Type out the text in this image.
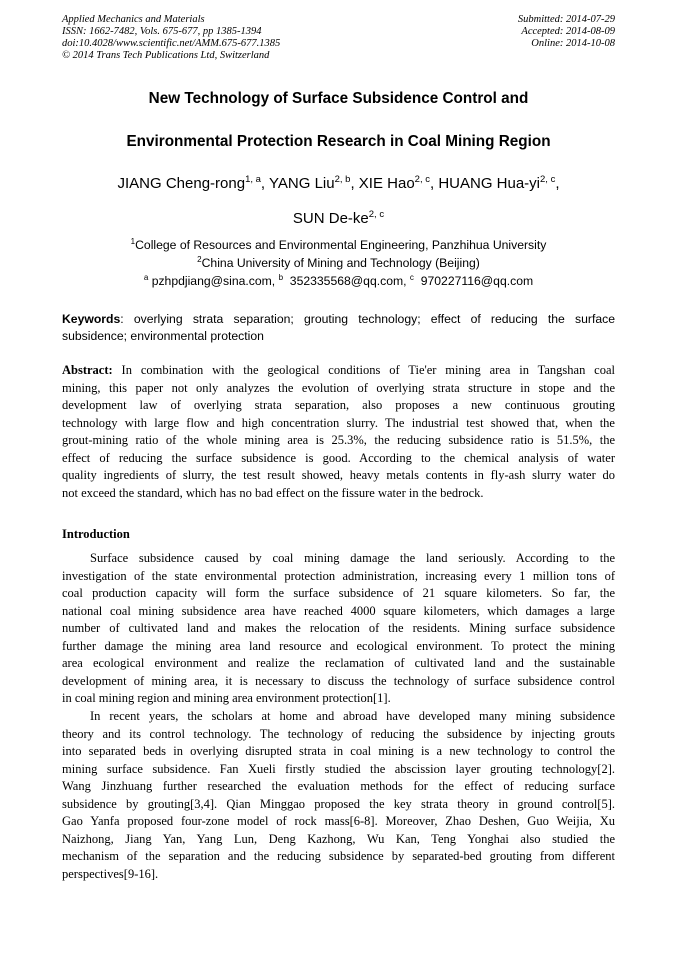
Applied Mechanics and Materials
ISSN: 1662-7482, Vols. 675-677, pp 1385-1394
doi:10.4028/www.scientific.net/AMM.675-677.1385
© 2014 Trans Tech Publications Ltd, Switzerland
Submitted: 2014-07-29
Accepted: 2014-08-09
Online: 2014-10-08
New Technology of Surface Subsidence Control and
Environmental Protection Research in Coal Mining Region
JIANG Cheng-rong$^{1, a}$, YANG Liu$^{2, b}$, XIE Hao$^{2, c}$, HUANG Hua-yi$^{2, c}$,
SUN De-ke$^{2, c}$
$^1$College of Resources and Environmental Engineering, Panzhihua University
$^2$China University of Mining and Technology (Beijing)
$^a$ pzhpdjiang@sina.com, $^b$ 352335568@qq.com, $^c$ 970227116@qq.com
Keywords: overlying strata separation; grouting technology; effect of reducing the surface
subsidence; environmental protection
Abstract: In combination with the geological conditions of Tie'er mining area in Tangshan coal
mining, this paper not only analyzes the evolution of overlying strata structure in stope and the
development law of overlying strata separation, also proposes a new continuous grouting
technology with large flow and high concentration slurry. The industrial test showed that, when the
grout-mining ratio of the whole mining area is 25.3%, the reducing subsidence ratio is 51.5%, the
effect of reducing the surface subsidence is good. According to the chemical analysis of water
quality ingredients of slurry, the test result showed, heavy metals contents in fly-ash slurry water do
not exceed the standard, which has no bad effect on the fissure water in the bedrock.
Introduction
Surface subsidence caused by coal mining damage the land seriously. According to the
investigation of the state environmental protection administration, increasing every 1 million tons of
coal production capacity will form the surface subsidence of 21 square kilometers. So far, the
national coal mining subsidence area have reached 4000 square kilometers, which damages a large
number of cultivated land and makes the relocation of the residents. Mining surface subsidence
further damage the mining area land resource and ecological environment. To protect the mining
area ecological environment and realize the reclamation of cultivated land and the sustainable
development of mining area, it is necessary to discuss the technology of surface subsidence control
in coal mining region and mining area environment protection[1].
In recent years, the scholars at home and abroad have developed many mining subsidence
theory and its control technology. The technology of reducing the subsidence by injecting grouts
into separated beds in overlying disrupted strata in coal mining is a new technology to control the
mining surface subsidence. Fan Xueli firstly studied the abscission layer grouting technology[2].
Wang Jinzhuang further researched the evaluation methods for the effect of reducing surface
subsidence by grouting[3,4]. Qian Minggao proposed the key strata theory in ground control[5].
Gao Yanfa proposed four-zone model of rock mass[6-8]. Moreover, Zhao Deshen, Guo Weijia, Xu
Naizhong, Jiang Yan, Yang Lun, Deng Kazhong, Wu Kan, Teng Yonghai also studied the
mechanism of the separation and the reducing subsidence by separated-bed grouting from different
perspectives[9-16].
